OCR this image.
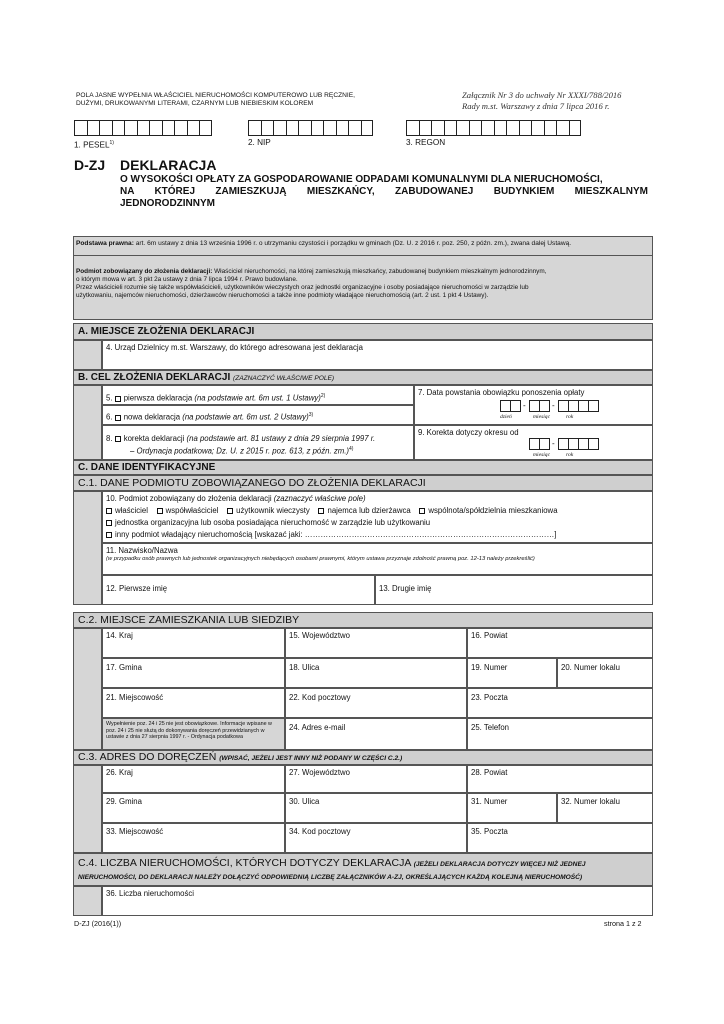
POLA JASNE WYPEŁNIA WŁAŚCICIEL NIERUCHOMOŚCI KOMPUTEROWO LUB RĘCZNIE,
DUŻYMI, DRUKOWANYMI LITERAMI, CZARNYM LUB NIEBIESKIM KOLOREM
Załącznik Nr 3 do uchwały Nr XXXI/788/2016
Rady m.st. Warszawy z dnia 7 lipca 2016 r.
1. PESEL$^{1)}$	2. NIP	3. REGON
D-ZJ DEKLARACJA
O WYSOKOŚCI OPŁATY ZA GOSPODAROWANIE ODPADAMI KOMUNALNYMI DLA NIERUCHOMOŚCI,
NA KTÓREJ ZAMIESZKUJĄ MIESZKAŃCY, ZABUDOWANEJ BUDYNKIEM MIESZKALNYM
JEDNORODZINNYM
Podstawa prawna: art. 6m ustawy z dnia 13 września 1996 r. o utrzymaniu czystości i porządku w gminach (Dz. U. z 2016 r. poz. 250, z późn. zm.), zwana dalej Ustawą.
Podmiot zobowiązany do złożenia deklaracji: Właściciel nieruchomości, na której zamieszkują mieszkańcy, zabudowanej budynkiem mieszkalnym jednorodzinnym,
o którym mowa w art. 3 pkt 2a ustawy z dnia 7 lipca 1994 r. Prawo budowlane.
Przez właścicieli rozumie się także współwłaścicieli, użytkowników wieczystych oraz jednostki organizacyjne i osoby posiadające nieruchomości w zarządzie lub
użytkowaniu, najemców nieruchomości, dzierżawców nieruchomości a także inne podmioty władające nieruchomością (art. 2 ust. 1 pkt 4 Ustawy).
A. MIEJSCE ZŁOŻENIA DEKLARACJI
4. Urząd Dzielnicy m.st. Warszawy, do którego adresowana jest deklaracja
B. CEL ZŁOŻENIA DEKLARACJI (ZAZNACZYĆ WŁAŚCIWE POLE)
5. pierwsza deklaracja (na podstawie art. 6m ust. 1 Ustawy)$^{2)}$
6. nowa deklaracja (na podstawie art. 6m ust. 2 Ustawy)$^{3)}$
8. korekta deklaracji (na podstawie art. 81 ustawy z dnia 29 sierpnia 1997 r.
– Ordynacja podatkowa; Dz. U. z 2015 r. poz. 613, z późn. zm.)$^{4)}$
7. Data powstania obowiązku ponoszenia opłaty
9. Korekta dotyczy okresu od
-	-
dzień	miesiąc	rok
-
miesiąc	rok
C. DANE IDENTYFIKACYJNE
C.1. DANE PODMIOTU ZOBOWIĄZANEGO DO ZŁOŻENIA DEKLARACJI
10. Podmiot zobowiązany do złożenia deklaracji (zaznaczyć właściwe pole)
właściciel współwłaściciel użytkownik wieczysty najemca lub dzierżawca wspólnota/spółdzielnia mieszkaniowa
jednostka organizacyjna lub osoba posiadająca nieruchomość w zarządzie lub użytkowaniu
inny podmiot władający nieruchomością [wskazać jaki: ……………………………………………………………………………………]
11. Nazwisko/Nazwa
(w przypadku osób prawnych lub jednostek organizacyjnych niebędących osobami prawnymi, którym ustawa przyznaje zdolność prawną poz. 12-13 należy przekreślić)
12. Pierwsze imię	13. Drugie imię
C.2. MIEJSCE ZAMIESZKANIA LUB SIEDZIBY
14. Kraj	15. Województwo	16. Powiat
17. Gmina	18. Ulica	19. Numer	20. Numer lokalu
21. Miejscowość	22. Kod pocztowy	23. Poczta
Wypełnienie poz. 24 i 25 nie jest obowiązkowe. Informacje wpisane w poz. 24 i 25 nie służą do dokonywania doręczeń przewidzianych w ustawie z dnia 27 sierpnia 1997 r. - Ordynacja podatkowa
24. Adres e-mail	25. Telefon
C.3. ADRES DO DORĘCZEŃ (WPISAĆ, JEŻELI JEST INNY NIŻ PODANY W CZĘŚCI C.2.)
26. Kraj	27. Województwo	28. Powiat
29. Gmina	30. Ulica	31. Numer	32. Numer lokalu
33. Miejscowość	34. Kod pocztowy	35. Poczta
C.4. LICZBA NIERUCHOMOŚCI, KTÓRYCH DOTYCZY DEKLARACJA (JEŻELI DEKLARACJA DOTYCZY WIĘCEJ NIŻ JEDNEJ
NIERUCHOMOŚCI, DO DEKLARACJI NALEŻY DOŁĄCZYĆ ODPOWIEDNIĄ LICZBĘ ZAŁĄCZNIKÓW A-ZJ, OKREŚLAJĄCYCH KAŻDĄ KOLEJNĄ NIERUCHOMOŚĆ)
36. Liczba nieruchomości
D-ZJ (2016(1))	strona 1 z 2
